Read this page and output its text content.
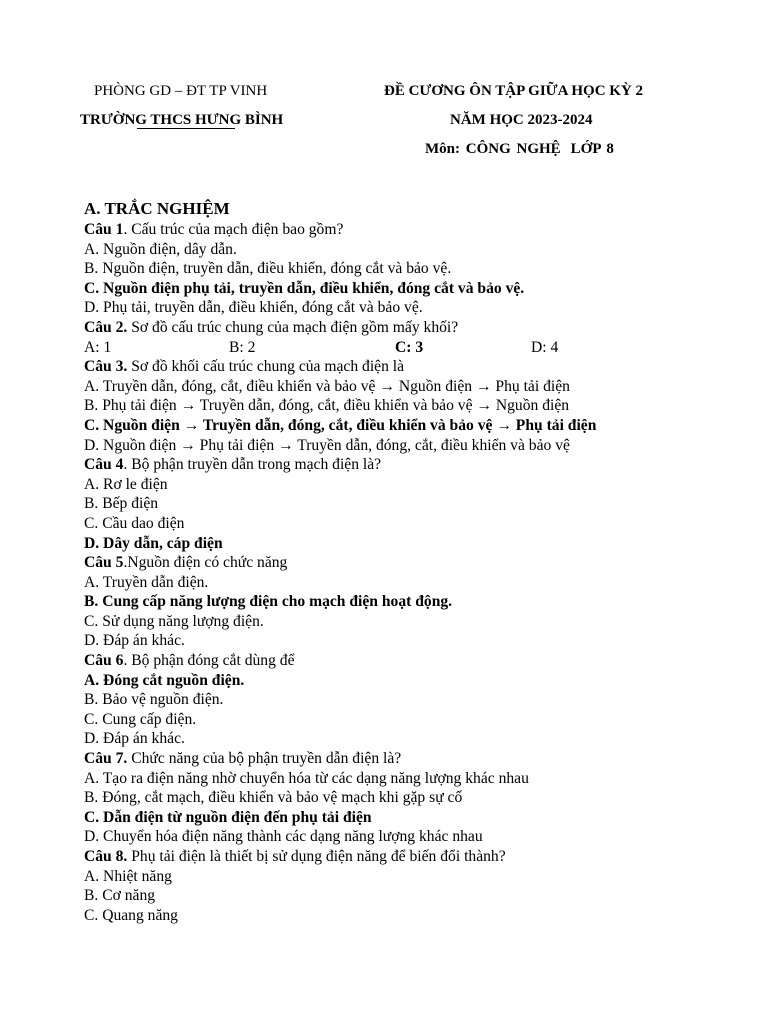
PHÒNG GD – ĐT TP VINH
TRƯỜNG THCS HƯNG BÌNH
ĐỀ CƯƠNG ÔN TẬP GIỮA HỌC KỲ 2
NĂM HỌC 2023-2024
Môn: CÔNG NGHỆ LỚP 8
A. TRẮC NGHIỆM
Câu 1. Cấu trúc của mạch điện bao gồm?
A. Nguồn điện, dây dẫn.
B. Nguồn điện, truyền dẫn, điều khiển, đóng cắt và bảo vệ.
C. Nguồn điện phụ tải, truyền dẫn, điều khiển, đóng cắt và bảo vệ.
D. Phụ tải, truyền dẫn, điều khiển, đóng cắt và bảo vệ.
Câu 2. Sơ đồ cấu trúc chung của mạch điện gồm mấy khối?
A: 1	B: 2	C: 3	D: 4
Câu 3. Sơ đồ khối cấu trúc chung của mạch điện là
A. Truyền dẫn, đóng, cắt, điều khiển và bảo vệ → Nguồn điện → Phụ tải điện
B. Phụ tải điện → Truyền dẫn, đóng, cắt, điều khiển và bảo vệ → Nguồn điện
C. Nguồn điện → Truyền dẫn, đóng, cắt, điều khiển và bảo vệ → Phụ tải điện
D. Nguồn điện → Phụ tải điện → Truyền dẫn, đóng, cắt, điều khiển và bảo vệ
Câu 4. Bộ phận truyền dẫn trong mạch điện là?
A. Rơ le điện
B. Bếp điện
C. Cầu dao điện
D. Dây dẫn, cáp điện
Câu 5.Nguồn điện có chức năng
A. Truyền dẫn điện.
B. Cung cấp năng lượng điện cho mạch điện hoạt động.
C. Sử dụng năng lượng điện.
D. Đáp án khác.
Câu 6. Bộ phận đóng cắt dùng để
A. Đóng cắt nguồn điện.
B. Bảo vệ nguồn điện.
C. Cung cấp điện.
D. Đáp án khác.
Câu 7. Chức năng của bộ phận truyền dẫn điện là?
A. Tạo ra điện năng nhờ chuyển hóa từ các dạng năng lượng khác nhau
B. Đóng, cắt mạch, điều khiển và bảo vệ mạch khi gặp sự cố
C. Dẫn điện từ nguồn điện đến phụ tải điện
D. Chuyển hóa điện năng thành các dạng năng lượng khác nhau
Câu 8. Phụ tải điện là thiết bị sử dụng điện năng để biến đổi thành?
A. Nhiệt năng
B. Cơ năng
C. Quang năng
